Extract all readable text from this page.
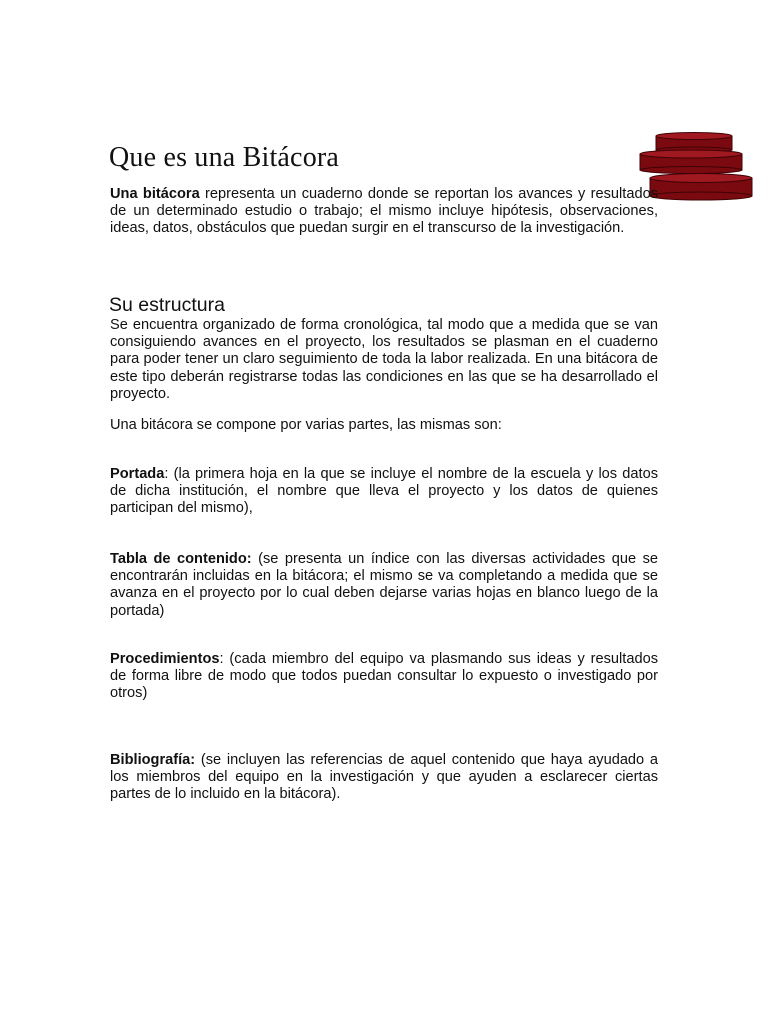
Que es una Bitácora

Una bitácora representa un cuaderno donde se reportan los avances y resultados de un determinado estudio o trabajo; el mismo incluye hipótesis, observaciones, ideas, datos, obstáculos que puedan surgir en el transcurso de la investigación.

Su estructura

Se encuentra organizado de forma cronológica, tal modo que a medida que se van consiguiendo avances en el proyecto, los resultados se plasman en el cuaderno para poder tener un claro seguimiento de toda la labor realizada. En una bitácora de este tipo deberán registrarse todas las condiciones en las que se ha desarrollado el proyecto.

Una bitácora se compone por varias partes, las mismas son:

Portada: (la primera hoja en la que se incluye el nombre de la escuela y los datos de dicha institución, el nombre que lleva el proyecto y los datos de quienes participan del mismo),

Tabla de contenido: (se presenta un índice con las diversas actividades que se encontrarán incluidas en la bitácora; el mismo se va completando a medida que se avanza en el proyecto por lo cual deben dejarse varias hojas en blanco luego de la portada)

Procedimientos: (cada miembro del equipo va plasmando sus ideas y resultados de forma libre de modo que todos puedan consultar lo expuesto o investigado por otros)

Bibliografía: (se incluyen las referencias de aquel contenido que haya ayudado a los miembros del equipo en la investigación y que ayuden a esclarecer ciertas partes de lo incluido en la bitácora).
